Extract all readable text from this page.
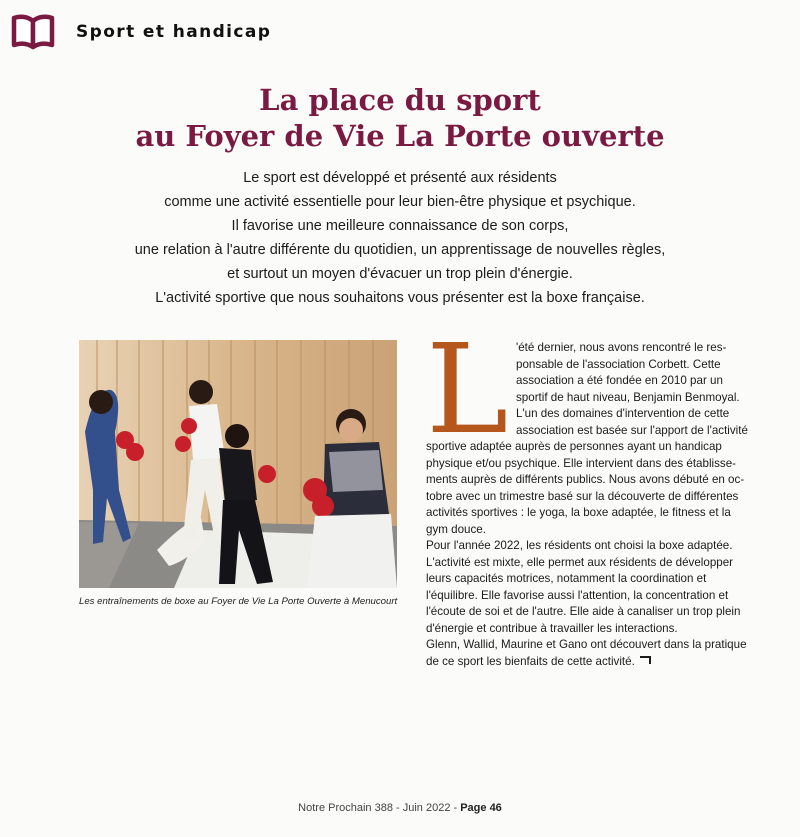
Sport et handicap
La place du sport
au Foyer de Vie La Porte ouverte

Le sport est développé et présenté aux résidents
comme une activité essentielle pour leur bien-être physique et psychique.
Il favorise une meilleure connaissance de son corps,
une relation à l'autre différente du quotidien, un apprentissage de nouvelles règles,
et surtout un moyen d'évacuer un trop plein d'énergie.
L'activité sportive que nous souhaitons vous présenter est la boxe française.

Les entraînements de boxe au Foyer de Vie La Porte Ouverte à Menucourt

L 'été dernier, nous avons rencontré le res-
ponsable de l'association Corbett. Cette
association a été fondée en 2010 par un
sportif de haut niveau, Benjamin Benmoyal.
L'un des domaines d'intervention de cette
association est basée sur l'apport de l'activité
sportive adaptée auprès de personnes ayant un handicap
physique et/ou psychique. Elle intervient dans des établisse-
ments auprès de différents publics. Nous avons débuté en oc-
tobre avec un trimestre basé sur la découverte de différentes
activités sportives : le yoga, la boxe adaptée, le fitness et la
gym douce.
Pour l'année 2022, les résidents ont choisi la boxe adaptée.
L'activité est mixte, elle permet aux résidents de développer
leurs capacités motrices, notamment la coordination et
l'équilibre. Elle favorise aussi l'attention, la concentration et
l'écoute de soi et de l'autre. Elle aide à canaliser un trop plein
d'énergie et contribue à travailler les interactions.
Glenn, Wallid, Maurine et Gano ont découvert dans la pratique
de ce sport les bienfaits de cette activité.

Notre Prochain 388 - Juin 2022 - Page 46
